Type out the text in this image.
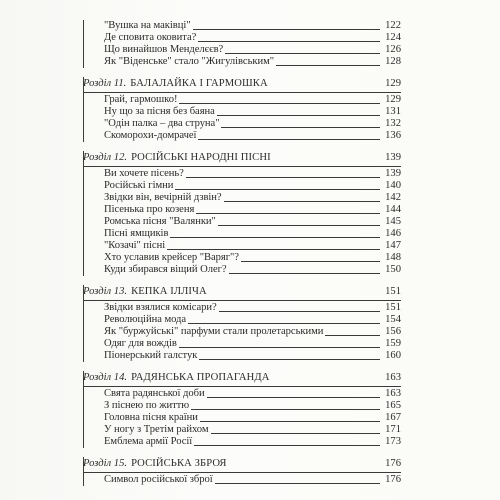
"Вушка на маківці"	122
Де сповита оковита?	124
Що винайшов Менделєєв?	126
Як "Віденське" стало "Жигулівським"	128
Розділ 11. БАЛАЛАЙКА І ГАРМОШКА	129
Грай, гармошко!	129
Ну що за пісня без баяна	131
"Одін палка – два струна"	132
Скоморохи-домрачеї	136
Розділ 12. РОСІЙСЬКІ НАРОДНІ ПІСНІ	139
Ви хочете пісень?	139
Російські гімни	140
Звідки він, вечірній дзвін?	142
Пісенька про козеня	144
Ромська пісня "Валянки"	145
Пісні ямщиків	146
"Козачі" пісні	147
Хто уславив крейсер "Варяг"?	148
Куди збирався віщий Олег?	150
Розділ 13. КЕПКА ІЛЛІЧА	151
Звідки взялися комісари?	151
Революційна мода	154
Як "буржуйські" парфуми стали пролетарськими	156
Одяг для вождів	159
Піонерський галстук	160
Розділ 14. РАДЯНСЬКА ПРОПАГАНДА	163
Свята радянської доби	163
З піснею по життю	165
Головна пісня країни	167
У ногу з Третім райхом	171
Емблема армії Росії	173
Розділ 15. РОСІЙСЬКА ЗБРОЯ	176
Символ російської зброї	176
